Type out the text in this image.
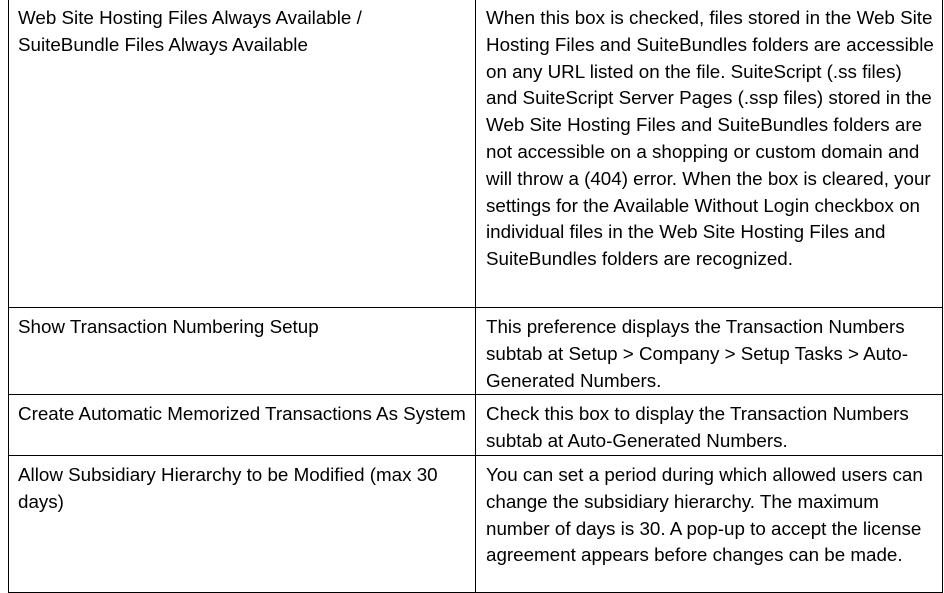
Web Site Hosting Files Always Available / SuiteBundle Files Always Available	When this box is checked, files stored in the Web Site Hosting Files and SuiteBundles folders are accessible on any URL listed on the file. SuiteScript (.ss files) and SuiteScript Server Pages (.ssp files) stored in the Web Site Hosting Files and SuiteBundles folders are not accessible on a shopping or custom domain and will throw a (404) error. When the box is cleared, your settings for the Available Without Login checkbox on individual files in the Web Site Hosting Files and SuiteBundles folders are recognized.
Show Transaction Numbering Setup	This preference displays the Transaction Numbers subtab at Setup > Company > Setup Tasks > Auto-Generated Numbers.
Create Automatic Memorized Transactions As System	Check this box to display the Transaction Numbers subtab at Auto-Generated Numbers.
Allow Subsidiary Hierarchy to be Modified (max 30 days)	You can set a period during which allowed users can change the subsidiary hierarchy. The maximum number of days is 30. A pop-up to accept the license agreement appears before changes can be made.
